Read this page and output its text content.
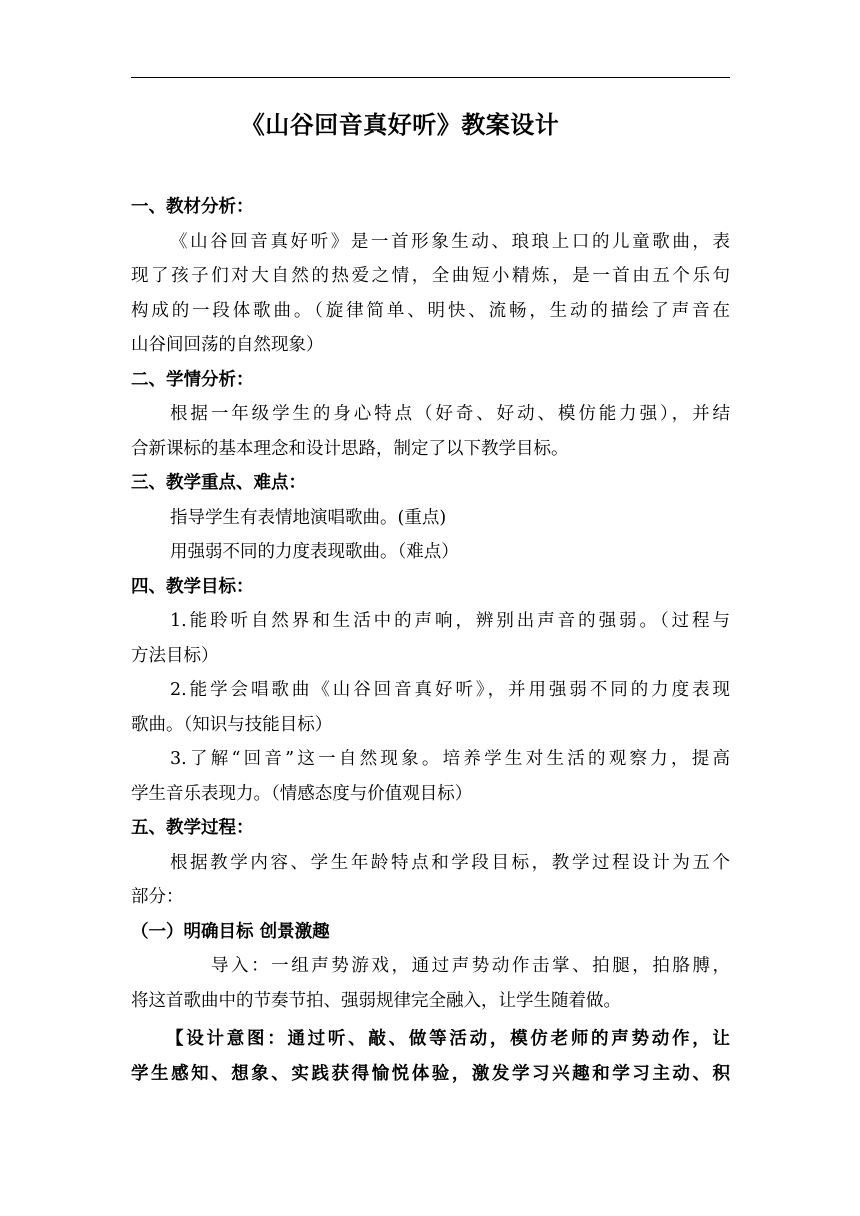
《山谷回音真好听》教案设计
一、教材分析：
《山谷回音真好听》是一首形象生动、琅琅上口的儿童歌曲，表
现了孩子们对大自然的热爱之情，全曲短小精炼，是一首由五个乐句
构成的一段体歌曲。（旋律简单、明快、流畅，生动的描绘了声音在
山谷间回荡的自然现象）
二、学情分析：
根据一年级学生的身心特点（好奇、好动、模仿能力强），并结
合新课标的基本理念和设计思路，制定了以下教学目标。
三、教学重点、难点：
指导学生有表情地演唱歌曲。(重点)
用强弱不同的力度表现歌曲。（难点）
四、教学目标：
1.能聆听自然界和生活中的声响，辨别出声音的强弱。（过程与
方法目标）
2.能学会唱歌曲《山谷回音真好听》，并用强弱不同的力度表现
歌曲。（知识与技能目标）
3.了解“回音”这一自然现象。培养学生对生活的观察力，提高
学生音乐表现力。（情感态度与价值观目标）
五、教学过程：
根据教学内容、学生年龄特点和学段目标，教学过程设计为五个
部分：
（一）明确目标 创景激趣
导入：一组声势游戏，通过声势动作击掌、拍腿，拍胳膊，
将这首歌曲中的节奏节拍、强弱规律完全融入，让学生随着做。
【设计意图：通过听、敲、做等活动，模仿老师的声势动作，让
学生感知、想象、实践获得愉悦体验，激发学习兴趣和学习主动、积
